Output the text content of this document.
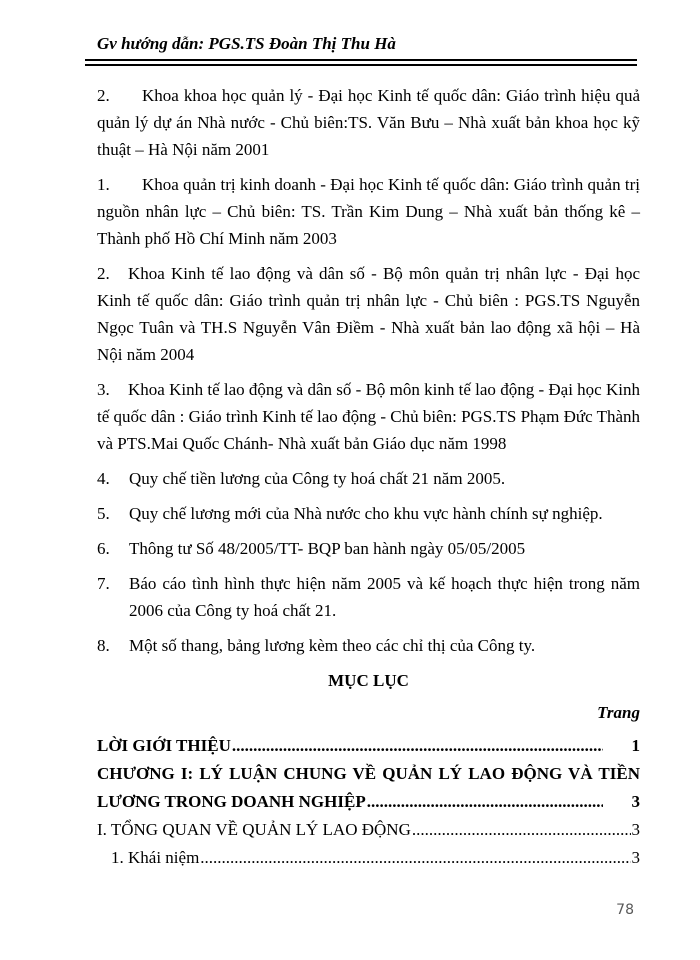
Gv hướng dẫn: PGS.TS Đoàn Thị Thu Hà

2. Khoa khoa học quản lý - Đại học Kinh tế quốc dân: Giáo trình hiệu quả quản lý dự án Nhà nước - Chủ biên:TS. Văn Bưu – Nhà xuất bản khoa học kỹ thuật – Hà Nội năm 2001

1. Khoa quản trị kinh doanh - Đại học Kinh tế quốc dân: Giáo trình quản trị nguồn nhân lực – Chủ biên: TS. Trần Kim Dung – Nhà xuất bản thống kê – Thành phố Hồ Chí Minh năm 2003

2. Khoa Kinh tế lao động và dân số - Bộ môn quản trị nhân lực - Đại học Kinh tế quốc dân: Giáo trình quản trị nhân lực - Chủ biên : PGS.TS Nguyễn Ngọc Tuân và TH.S Nguyễn Vân Điềm - Nhà xuất bản lao động xã hội – Hà Nội năm 2004

3. Khoa Kinh tế lao động và dân số - Bộ môn kinh tế lao động - Đại học Kinh tế quốc dân : Giáo trình Kinh tế lao động - Chủ biên: PGS.TS Phạm Đức Thành và PTS.Mai Quốc Chánh- Nhà xuất bản Giáo dục năm 1998

4. Quy chế tiền lương của Công ty hoá chất 21 năm 2005.

5. Quy chế lương mới của Nhà nước cho khu vực hành chính sự nghiệp.

6. Thông tư Số 48/2005/TT- BQP ban hành ngày 05/05/2005

7. Báo cáo tình hình thực hiện năm 2005 và kế hoạch thực hiện trong năm 2006 của Công ty hoá chất 21.

8. Một số thang, bảng lương kèm theo các chỉ thị của Công ty.

MỤC LỤC

Trang

LỜI GIỚI THIỆU .....	1
CHƯƠNG I: LÝ LUẬN CHUNG VỀ QUẢN LÝ LAO ĐỘNG VÀ TIỀN
LƯƠNG TRONG DOANH NGHIỆP .....	3
I. TỔNG QUAN VỀ QUẢN LÝ LAO ĐỘNG .....	3
1. Khái niệm .....	3
78
